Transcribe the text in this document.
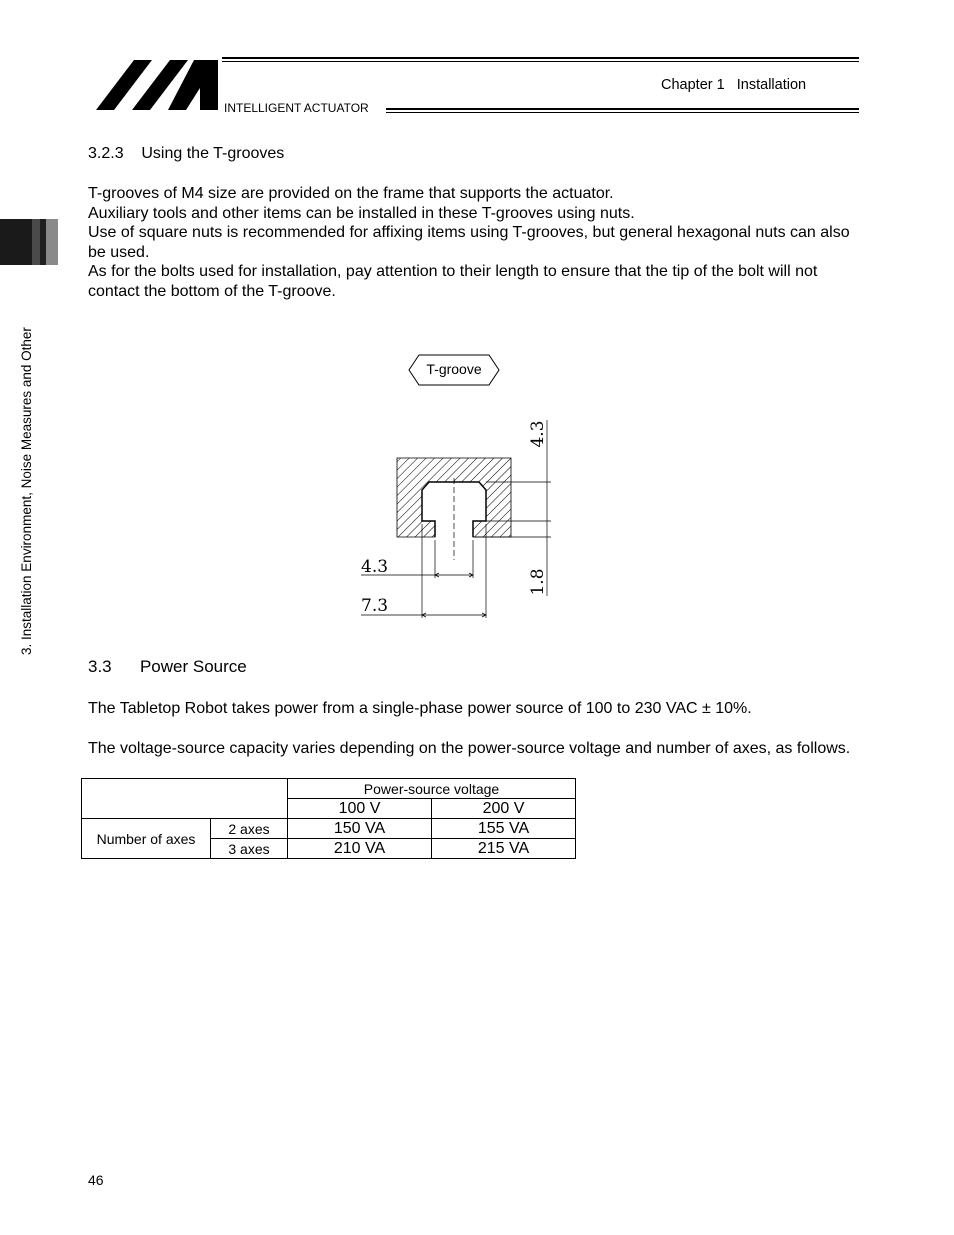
INTELLIGENT ACTUATOR
Chapter 1   Installation
3. Installation Environment, Noise Measures and Other
3.2.3    Using the T-grooves

T-grooves of M4 size are provided on the frame that supports the actuator.

Auxiliary tools and other items can be installed in these T-grooves using nuts.

Use of square nuts is recommended for affixing items using T-grooves, but general hexagonal nuts can also be used.

As for the bolts used for installation, pay attention to their length to ensure that the tip of the bolt will not contact the bottom of the T-groove.

T-groove
4.3
1.8
4.3
7.3
3.3      Power Source
The Tabletop Robot takes power from a single-phase power source of 100 to 230 VAC ± 10%.
The voltage-source capacity varies depending on the power-source voltage and number of axes, as follows.
		Power-source voltage	
		100 V	200 V
Number of axes	2 axes	150 VA	155 VA
	3 axes	210 VA	215 VA
46
